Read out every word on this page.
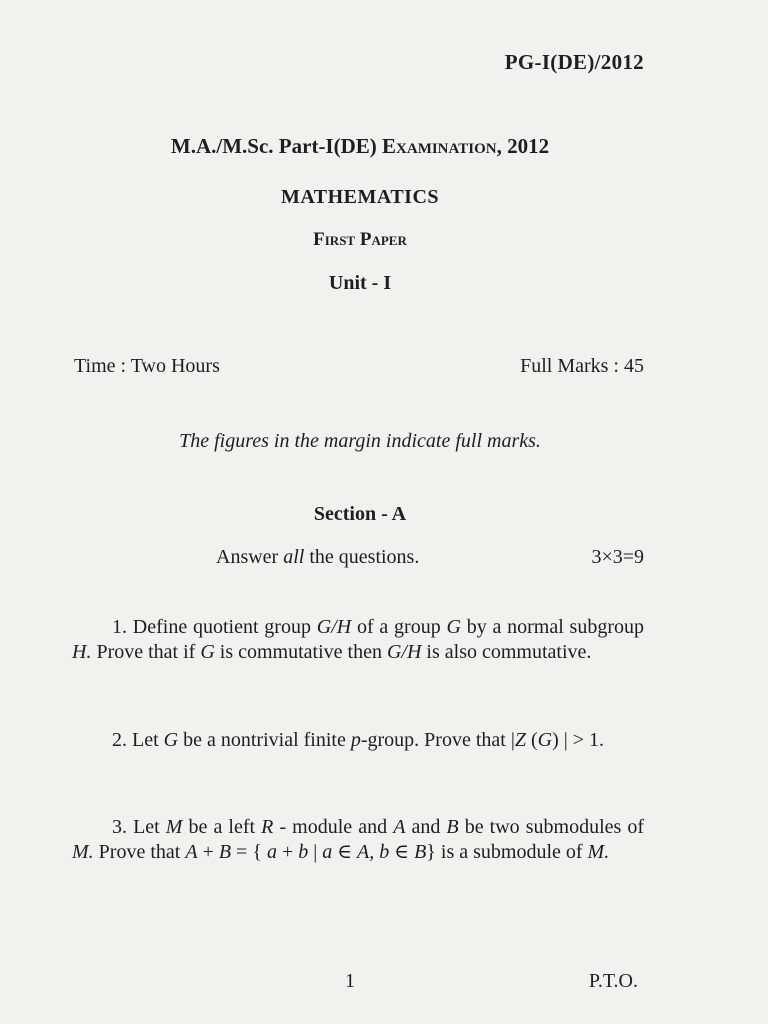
PG-I(DE)/2012
M.A./M.Sc. Part-I(DE) Examination, 2012
MATHEMATICS
First Paper
Unit - I
Time : Two Hours	Full Marks : 45
The figures in the margin indicate full marks.
Section - A
Answer all the questions.	3×3=9
1. Define quotient group G/H of a group G by a normal subgroup H. Prove that if G is commutative then G/H is also commutative.
2. Let G be a nontrivial finite p-group. Prove that |Z (G) | > 1.
3. Let M be a left R - module and A and B be two submodules of M. Prove that A + B = { a + b | a ∈ A, b ∈ B} is a submodule of M.
1	P.T.O.
